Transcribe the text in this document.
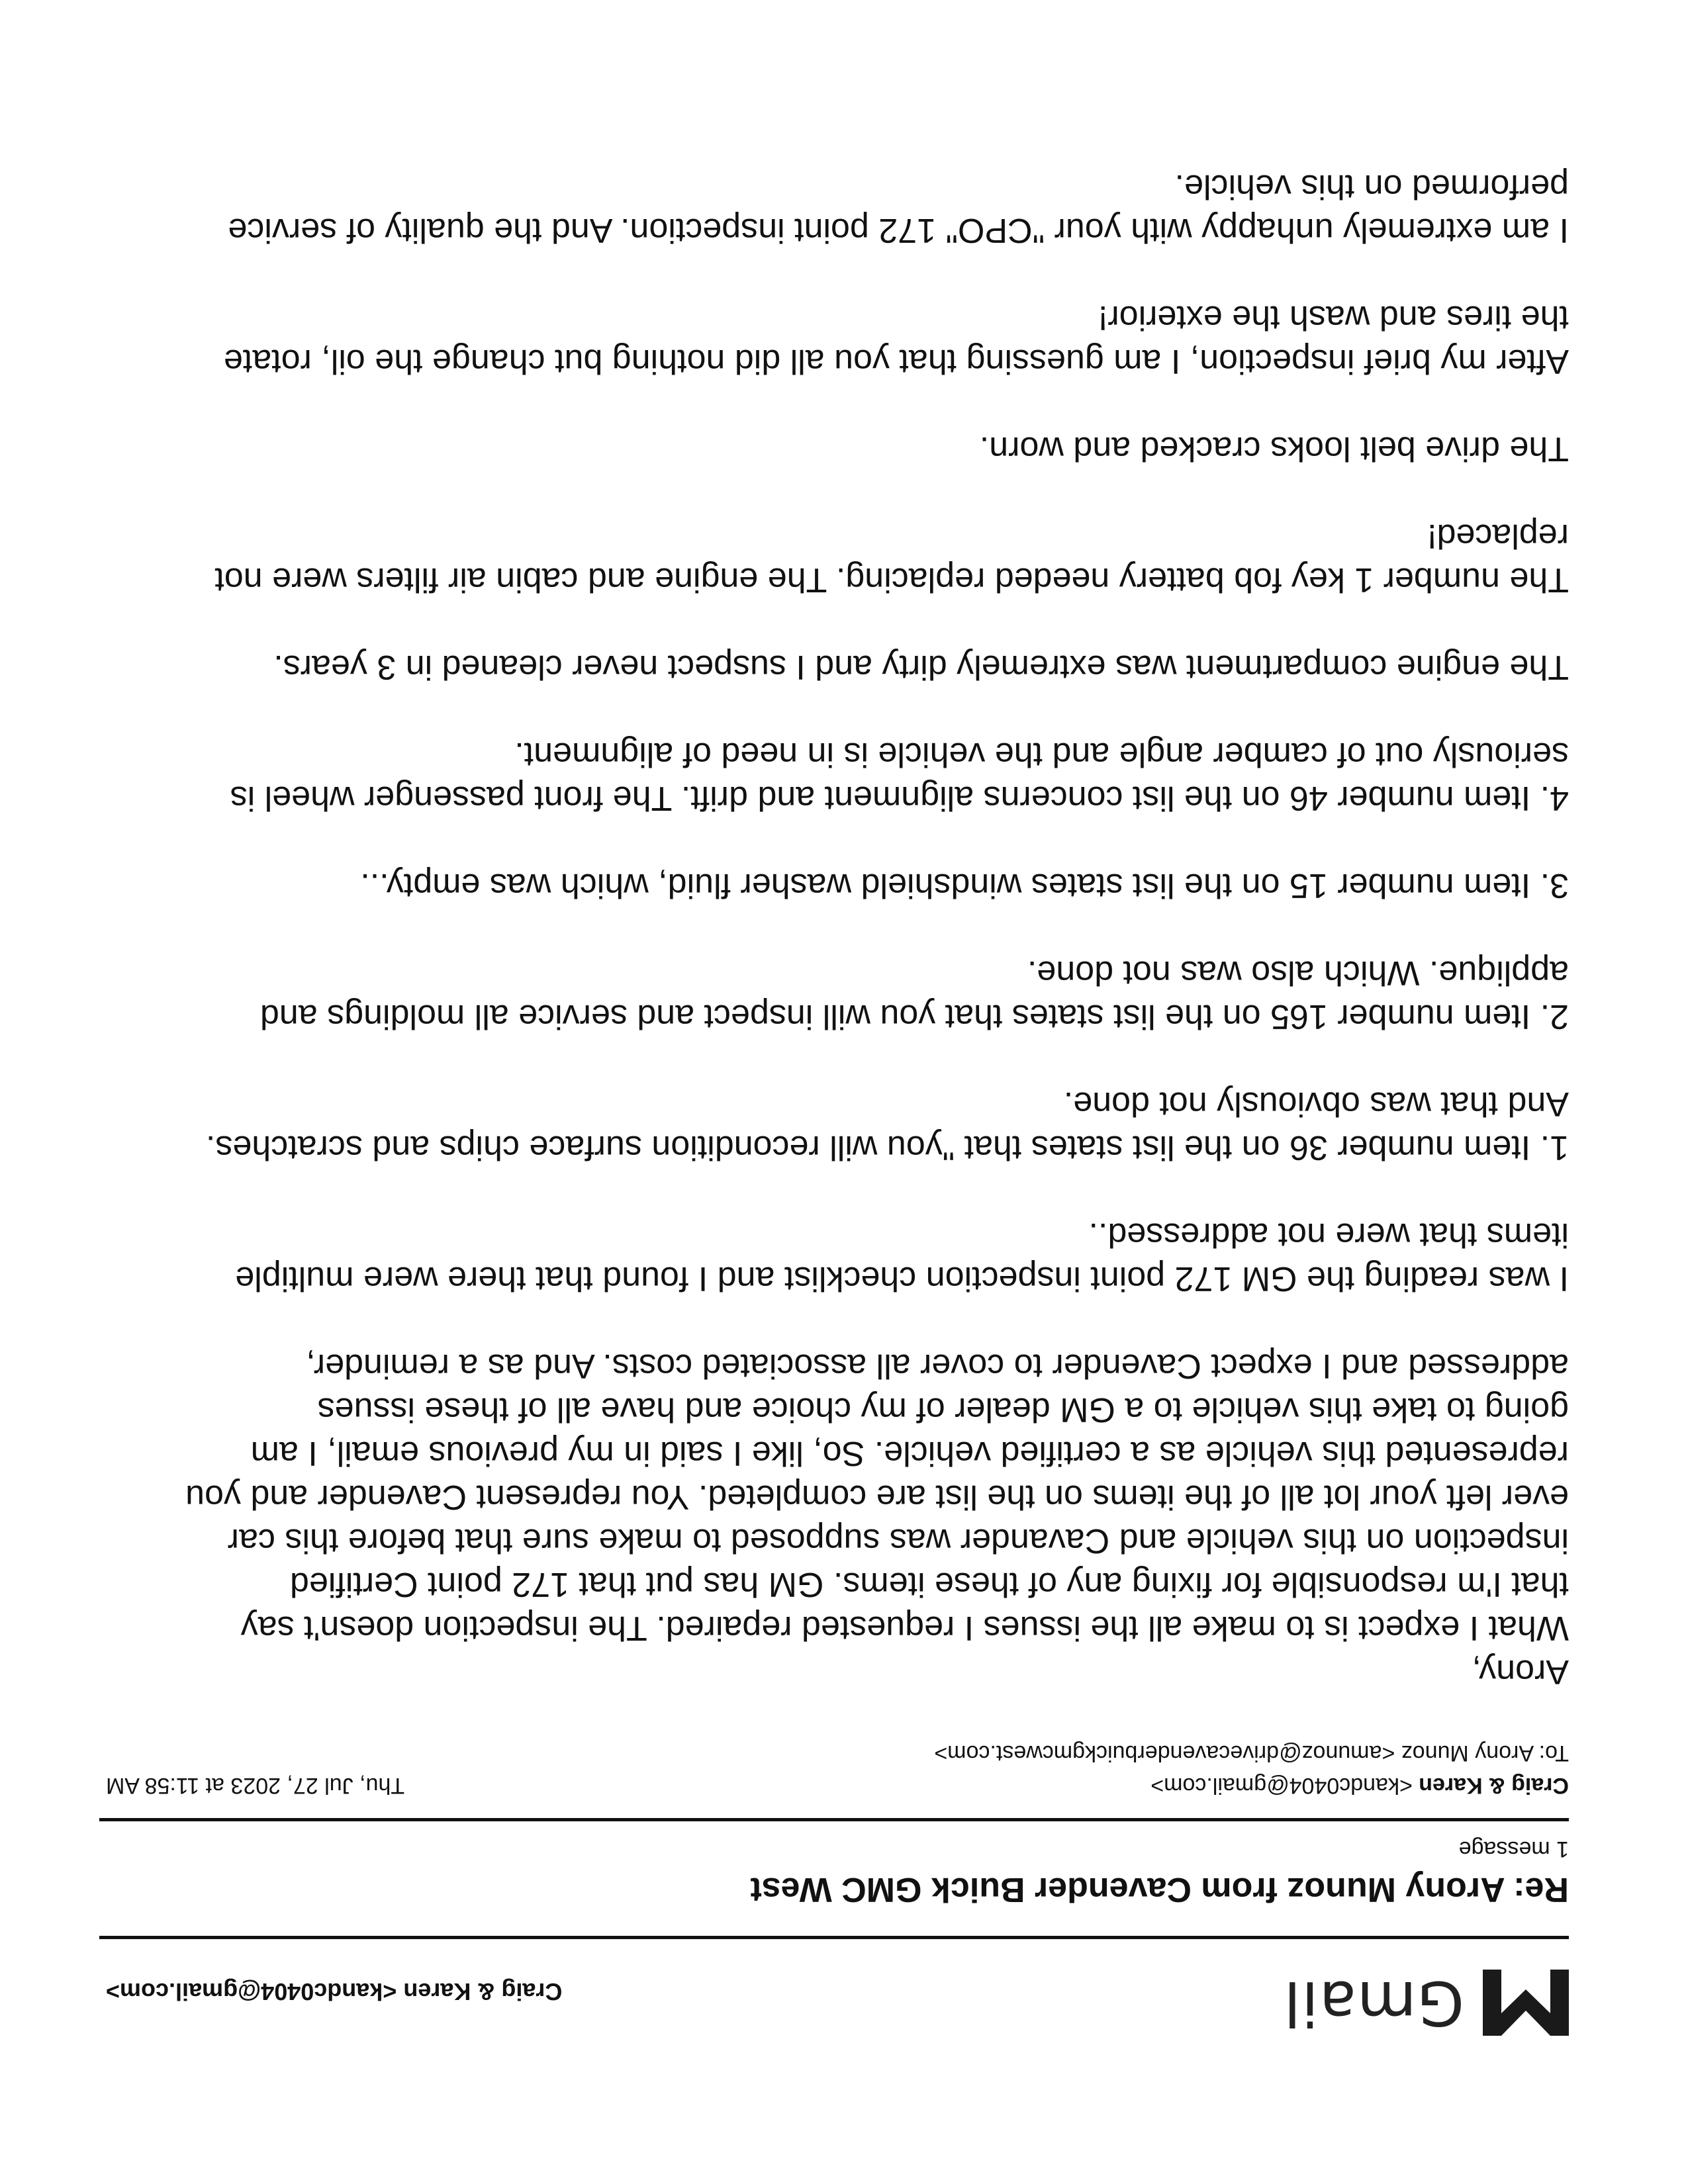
Gmail
Craig & Karen <kandc0404@gmail.com>
Re: Arony Munoz from Cavender Buick GMC West
1 message
Craig & Karen <kandc0404@gmail.com>
Thu, Jul 27, 2023 at 11:58 AM
To: Arony Munoz <amunoz@drivecavenderbuickgmcwest.com>

Arony,

What I expect is to make all the issues I requested repaired. The inspection doesn't say that I'm responsible for fixing any of these items. GM has put that 172 point Certified inspection on this vehicle and Cavander was supposed to make sure that before this car ever left your lot all of the items on the list are completed. You represent Cavender and you represented this vehicle as a certified vehicle. So, like I said in my previous email, I am going to take this vehicle to a GM dealer of my choice and have all of these issues addressed and I expect Cavender to cover all associated costs. And as a reminder,

I was reading the GM 172 point inspection checklist and I found that there were multiple items that were not addressed..

1. Item number 36 on the list states that "you will recondition surface chips and scratches. And that was obviously not done.

2. Item number 165 on the list states that you will inspect and service all moldings and applique. Which also was not done.

3. Item number 15 on the list states windshield washer fluid, which was empty...

4. Item number 46 on the list concerns alignment and drift. The front passenger wheel is seriously out of camber angle and the vehicle is in need of alignment.

The engine compartment was extremely dirty and I suspect never cleaned in 3 years.

The number 1 key fob battery needed replacing. The engine and cabin air filters were not replaced!

The drive belt looks cracked and worn.

After my brief inspection, I am guessing that you all did nothing but change the oil, rotate the tires and wash the exterior!

I am extremely unhappy with your "CPO" 172 point inspection. And the quality of service performed on this vehicle.
